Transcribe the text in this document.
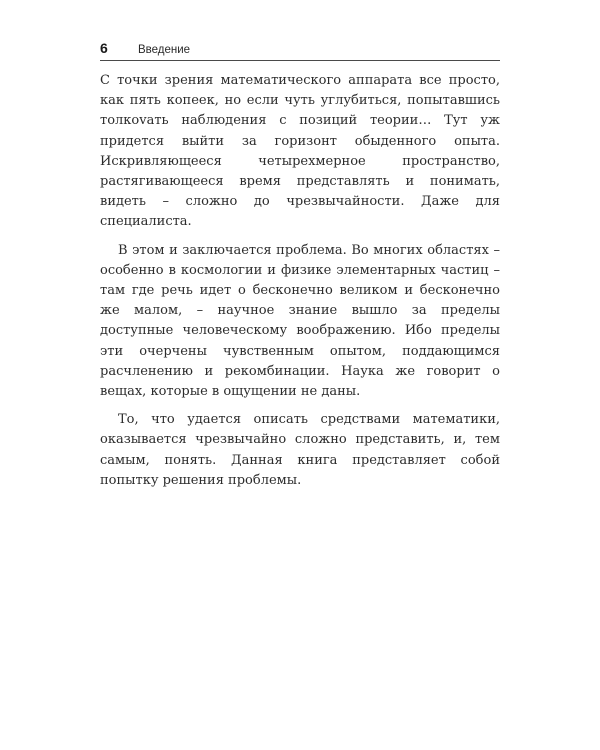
6	Введение

С точки зрения математического аппарата все просто, как пять копеек, но если чуть углубиться, попытавшись толкоvать наблюдения с позиций теории… Тут уж придется выйти за горизонт обыденного опыта. Искривляющееся четырехмерное пространство, растягивающееся время представлять и понимать, видеть – сложно до чрезвычайности. Даже для специалиста.

В этом и заключается проблема. Во многих областях – особенно в космологии и физике элементарных частиц – там где речь идет о бесконечно великом и бесконечно же малом, – научное знание вышло за пределы доступные человеческому воображению. Ибо пределы эти очерчены чувственным опытом, поддающимся расчленению и рекомбинации. Наука же говорит о вещах, которые в ощущении не даны.

То, что удается описать средствами математики, оказывается чрезвычайно сложно представить, и, тем самым, понять. Данная книга представляет собой попытку решения проблемы.
